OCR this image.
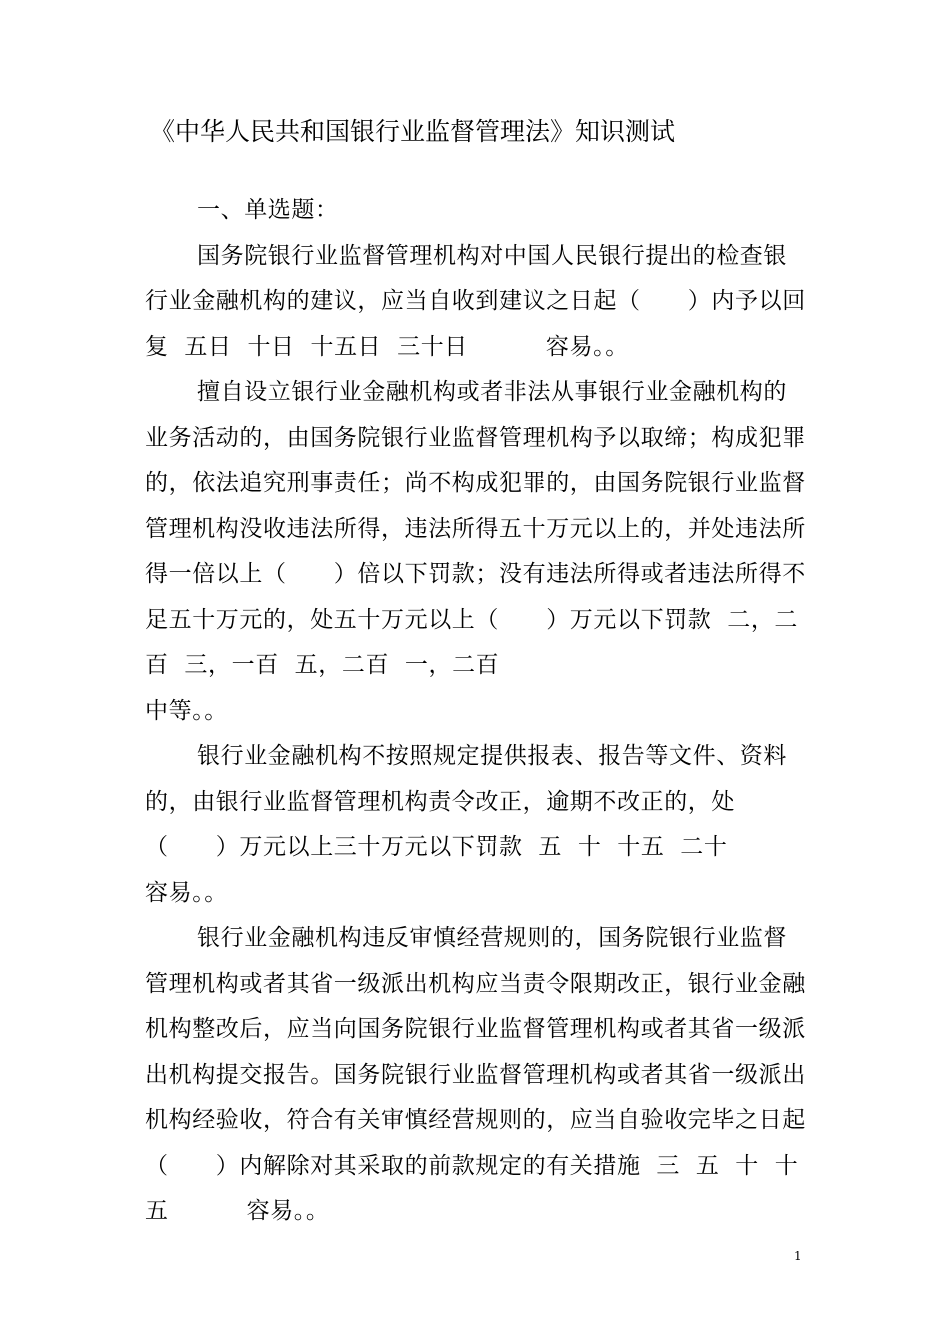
《中华人民共和国银行业监督管理法》知识测试

一、单选题：

国务院银行业监督管理机构对中国人民银行提出的检查银行业金融机构的建议，应当自收到建议之日起（　　）内予以回复  五日  十日  十五日  三十日	容易。。

擅自设立银行业金融机构或者非法从事银行业金融机构的业务活动的，由国务院银行业监督管理机构予以取缔；构成犯罪的，依法追究刑事责任；尚不构成犯罪的，由国务院银行业监督管理机构没收违法所得，违法所得五十万元以上的，并处违法所得一倍以上（　　）倍以下罚款；没有违法所得或者违法所得不足五十万元的，处五十万元以上（　　）万元以下罚款  二，二百  三，一百  五，二百  一，二百
中等。。

银行业金融机构不按照规定提供报表、报告等文件、资料的，由银行业监督管理机构责令改正，逾期不改正的，处（　　）万元以上三十万元以下罚款  五  十  十五  二十
容易。。

银行业金融机构违反审慎经营规则的，国务院银行业监督管理机构或者其省一级派出机构应当责令限期改正，银行业金融机构整改后，应当向国务院银行业监督管理机构或者其省一级派出机构提交报告。国务院银行业监督管理机构或者其省一级派出机构经验收，符合有关审慎经营规则的，应当自验收完毕之日起（　　）内解除对其采取的前款规定的有关措施  三  五  十  十五	容易。。

1
